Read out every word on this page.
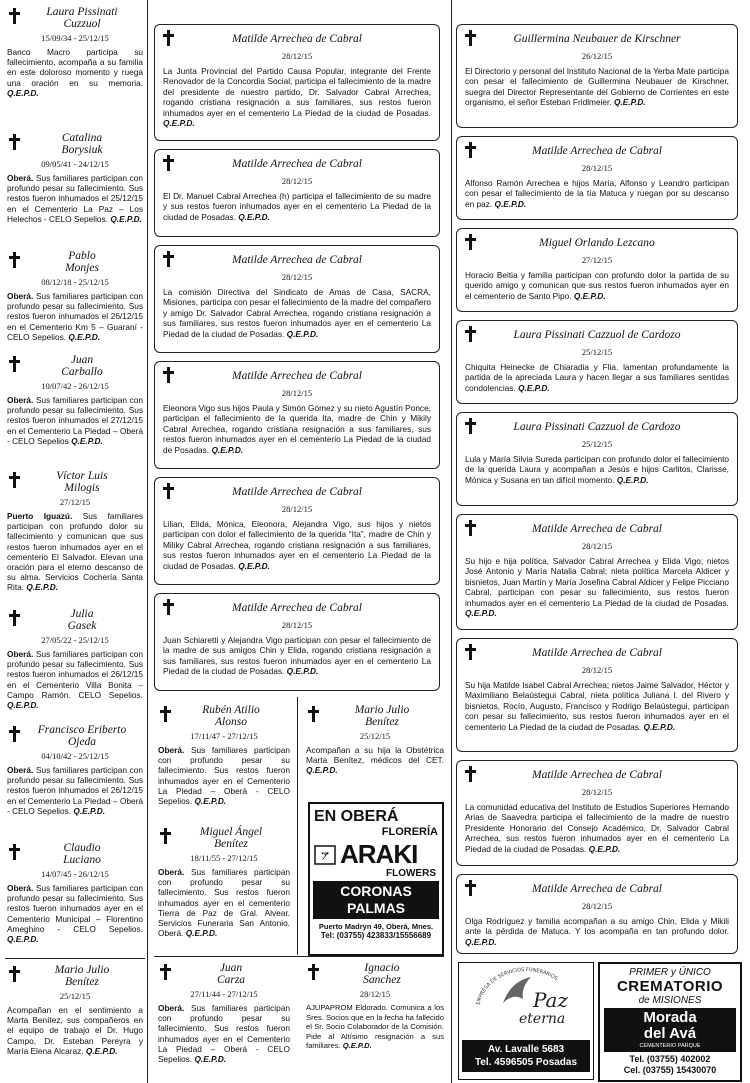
Laura Pissinati
Cuzzuol
15/09/34 - 25/12/15
Banco Macro participa su fallecimiento, acompaña a su familia en este doloroso momento y ruega una oración en su memoria. Q.E.P.D.
Catalina
Borysiuk
09/05/41 - 24/12/15
Oberá. Sus familiares participan con profundo pesar su fallecimiento. Sus restos fueron inhumados el 25/12/15 en el Cementerio La Paz – Los Helechos - CELO Sepelios. Q.E.P.D.
Pablo
Monjes
08/12/18 - 25/12/15
Oberá. Sus familiares participan con profundo pesar su fallecimiento. Sus restos fueron inhumados el 26/12/15 en el Cementerio Km 5 – Guaraní - CELO Sepelios. Q.E.P.D.
Juan
Carballo
10/07/42 - 26/12/15
Oberá. Sus familiares participan con profundo pesar su fallecimiento. Sus restos fueron inhumados el 27/12/15 en el Cementerio La Piedad – Oberá - CELO Sepelios Q.E.P.D.
Víctor Luis
Milogis
27/12/15
Puerto Iguazú. Sus familiares participan con profundo dolor su fallecimiento y comunican que sus restos fueron inhumados ayer en el cementerio El Salvador. Elevan una oración para el eterno descanso de su alma. Servicios Cochería Santa Rita. Q.E.P.D.
Julia
Gasek
27/05/22 - 25/12/15
Oberá. Sus familiares participan con profundo pesar su fallecimiento. Sus restos fueron inhumados el 26/12/15 en el Cementerio Villa Bonita – Campo Ramón. CELO Sepelios. Q.E.P.D.
Francisco Eriberto
Ojeda
04/10/42 - 25/12/15
Oberá. Sus familiares participan con profundo pesar su fallecimiento. Sus restos fueron inhumados el 26/12/15 en el Cementerio La Piedad – Oberá - CELO Sepelios. Q.E.P.D.
Claudio
Luciano
14/07/45 - 26/12/15
Oberá. Sus familiares participan con profundo pesar su fallecimiento. Sus restos fueron inhumados ayer en el Cementerio Municipal – Florentino Ameghino - CELO Sepelios. Q.E.P.D.
Mario Julio
Benítez
25/12/15
Acompañan en el sentimiento a Marta Benítez, sus compañeros en el equipo de trabajo el Dr. Hugo Campo, Dr. Esteban Pereyra y María Elena Alcaraz. Q.E.P.D.
Matilde Arrechea de Cabral
28/12/15
La Junta Provincial del Partido Causa Popular, integrante del Frente Renovador de la Concordia Social, participa el fallecimiento de la madre del presidente de nuestro partido, Dr. Salvador Cabral Arrechea, rogando cristiana resignación a sus familiares, sus restos fueron inhumados ayer en el cementerio La Piedad de la ciudad de Posadas. Q.E.P.D.
Matilde Arrechea de Cabral
28/12/15
El Dr. Manuel Cabral Arrechea (h) participa el fallecimiento de su madre y sus restos fueron inhumados ayer en el cementerio La Piedad de la ciudad de Posadas. Q.E.P.D.
Matilde Arrechea de Cabral
28/12/15
La comisión Directiva del Sindicato de Amas de Casa, SACRA, Misiones, participa con pesar el fallecimiento de la madre del compañero y amigo Dr. Salvador Cabral Arrechea, rogando cristiana resignación a sus familiares, sus restos fueron inhumados ayer en el cementerio La Piedad de la ciudad de Posadas. Q.E.P.D.
Matilde Arrechea de Cabral
28/12/15
Eleonora Vigo sus hijos Paula y Simón Gómez y su nieto Agustín Ponce, participan el fallecimiento de la querida Ita, madre de Chin y Mikily Cabral Arrechea, rogando cristiana resignación a sus familiares, sus restos fueron inhumados ayer en el cementerio La Piedad de la ciudad de Posadas. Q.E.P.D.
Matilde Arrechea de Cabral
28/12/15
Lilian, Elida, Mónica, Eleonora, Alejandra Vigo, sus hijos y nietos participan con dolor el fallecimiento de la querida “Ita”, madre de Chin y Miliky Cabral Arrechea, rogando cristiana resignación a sus familiares, sus restos fueron inhumados ayer en el cementerio La Piedad de la ciudad de Posadas. Q.E.P.D.
Matilde Arrechea de Cabral
28/12/15
Juan Schiaretti y Alejandra Vigo participan con pesar el fallecimiento de la madre de sus amigos Chin y Elida, rogando cristiana resignación a sus familiares, sus restos fueron inhumados ayer en el cementerio La Piedad de la ciudad de Posadas. Q.E.P.D.
Rubén Atilio
Alonso
17/11/47 - 27/12/15
Oberá. Sus familiares participan con profundo pesar su fallecimiento. Sus restos fueron inhumados ayer en el Cementerio La Piedad – Oberá - CELO Sepelios. Q.E.P.D.
Miguel Ángel
Benítez
18/11/55 - 27/12/15
Oberá. Sus familiares participan con profundo pesar su fallecimiento. Sus restos fueron inhumados ayer en el cementerio Tierra de Paz de Gral. Alvear. Servicios Funeraria San Antonio. Oberá. Q.E.P.D.
Mario Julio
Benítez
25/12/15
Acompañan a su hija la Obstétrica Marta Benítez, médicos del CET. Q.E.P.D.
EN OBERÁ
FLORERÍA
ア ARAKI
FLOWERS
CORONAS
PALMAS
Puerto Madryn 49, Oberá, Mnes.
Tel: (03755) 423833/15556689
Juan
Carza
27/11/44 - 27/12/15
Oberá. Sus familiares participan con profundo pesar su fallecimiento. Sus restos fueron inhumados ayer en el Cementerio La Piedad – Oberá - CELO Sepelios. Q.E.P.D.
Ignacio
Sanchez
28/12/15
AJUPAPROM Eldorado. Comunica a los Sres. Socios que en la fecha ha fallecido el Sr. Socio Colaborador de la Comisión. Pide al Altísimo resignación a sus familiares. Q.E.P.D.
Guillermina Neubauer de Kirschner
26/12/15
El Directorio y personal del Instituto Nacional de la Yerba Mate participa con pesar el fallecimiento de Guillermina Neubauer de Kirschner, suegra del Director Representante del Gobierno de Corrientes en este organismo, el señor Esteban Fridlmeier. Q.E.P.D.
Matilde Arrechea de Cabral
28/12/15
Alfonso Ramón Arrechea e hijos María, Alfonso y Leandro participan con pesar el fallecimiento de la tía Matuca y ruegan por su descanso en paz. Q.E.P.D.
Miguel Orlando Lezcano
27/12/15
Horacio Beitia y familia participan con profundo dolor la partida de su querido amigo y comunican que sus restos fueron inhumados ayer en el cementerio de Santo Pipo. Q.E.P.D.
Laura Pissinati Cazzuol de Cardozo
25/12/15
Chiquita Heinecke de Chiaradia y Flia. lamentan profundamente la partida de la apreciada Laura y hacen llegar a sus familiares sentidas condolencias. Q.E.P.D.
Laura Pissinati Cazzuol de Cardozo
25/12/15
Lula y María Silvia Sureda participan con profundo dolor el fallecimiento de la querida Laura y acompañan a Jesús e hijos Carlitos, Clarisse, Mónica y Susana en tan difícil momento. Q.E.P.D.
Matilde Arrechea de Cabral
28/12/15
Su hijo e hija política, Salvador Cabral Arrechea y Elida Vigo; nietos José Antonio y María Natalia Cabral; nieta política Marcela Aldicer y bisnietos, Juan Martín y María Josefina Cabral Aldicer y Felipe Picciano Cabral, participan con pesar su fallecimiento, sus restos fueron inhumados ayer en el cementerio La Piedad de la ciudad de Posadas. Q.E.P.D.
Matilde Arrechea de Cabral
28/12/15
Su hija Matilde Isabel Cabral Arrechea; nietos Jaime Salvador, Héctor y Maximiliano Belaústegui Cabral, nieta política Juliana I. del Rivero y bisnietos, Rocío, Augusto, Francisco y Rodrigo Belaústegui, participan con pesar su fallecimiento, sus restos fueron inhumados ayer en el cementerio La Piedad de la ciudad de Posadas. Q.E.P.D.
Matilde Arrechea de Cabral
28/12/15
La comunidad educativa del Instituto de Estudios Superiores Hernando Arias de Saavedra participa el fallecimiento de la madre de nuestro Presidente Honorario del Consejo Académico, Dr. Salvador Cabral Arrechea, sus restos fueron inhumados ayer en el cementerio La Piedad de la ciudad de Posadas. Q.E.P.D.
Matilde Arrechea de Cabral
28/12/15
Olga Rodríguez y familia acompañan a su amigo Chin, Elida y Mikili ante la pérdida de Matuca. Y los acompaña en tan profundo dolor. Q.E.P.D.
EMPRESA DE SERVICIOS FUNERARIOS
Paz
eterna
Av. Lavalle 5683
Tel. 4596505 Posadas
PRIMER y ÚNICO
CREMATORIO
de MISIONES
Morada
del Avá
CEMENTERIO PARQUE
Tel. (03755) 402002
Cel. (03755) 15430070
